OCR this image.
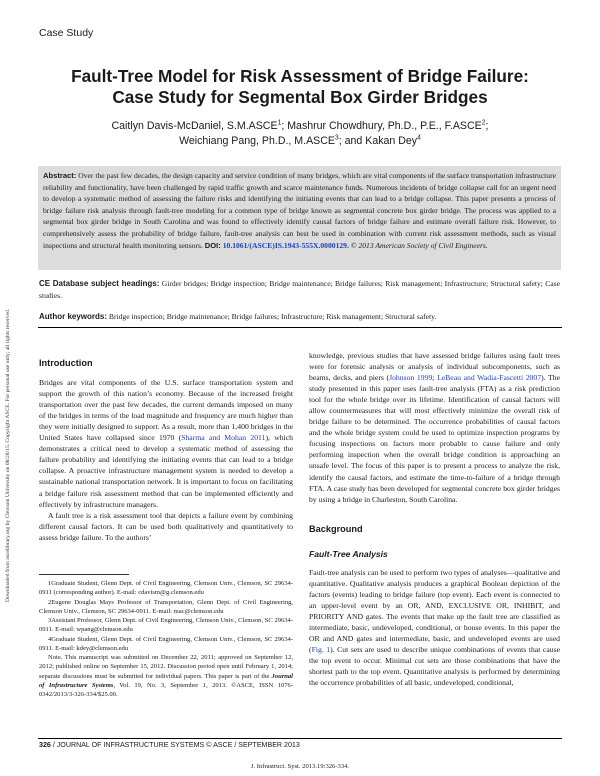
Downloaded from ascelibrary.org by Clemson University on 08/28/15. Copyright ASCE. For personal use only; all rights reserved.
Case Study
Fault-Tree Model for Risk Assessment of Bridge Failure:
Case Study for Segmental Box Girder Bridges
Caitlyn Davis-McDaniel, S.M.ASCE$^1$; Mashrur Chowdhury, Ph.D., P.E., F.ASCE$^2$;
Weichiang Pang, Ph.D., M.ASCE$^3$; and Kakan Dey$^4$
Abstract: Over the past few decades, the design capacity and service condition of many bridges, which are vital components of the surface transportation infrastructure reliability and functionality, have been challenged by rapid traffic growth and scarce maintenance funds. Numerous incidents of bridge collapse call for an urgent need to develop a systematic method of assessing the failure risks and identifying the initiating events that can lead to a bridge collapse. This paper presents a process of bridge failure risk analysis through fault-tree modeling for a common type of bridge known as segmental concrete box girder bridge. The process was applied to a segmental box girder bridge in South Carolina and was found to effectively identify causal factors of bridge failure and estimate overall failure risk. However, to comprehensively assess the probability of bridge failure, fault-tree analysis can best be used in combination with current risk assessment methods, such as visual inspections and structural health monitoring sensors. DOI: 10.1061/(ASCE)IS.1943-555X.0000129. © 2013 American Society of Civil Engineers.
CE Database subject headings: Girder bridges; Bridge inspection; Bridge maintenance; Bridge failures; Risk management; Infrastructure; Structural safety; Case studies.
Author keywords: Bridge inspection; Bridge maintenance; Bridge failures; Infrastructure; Risk management; Structural safety.
Introduction

Bridges are vital components of the U.S. surface transportation system and support the growth of this nation’s economy. Because of the increased freight transportation over the past few decades, the current demands imposed on many of the bridges in terms of the load magnitude and frequency are much higher than they were initially designed to support. As a result, more than 1,400 bridges in the United States have collapsed since 1970 (Sharma and Mohan 2011), which demonstrates a critical need to develop a systematic method of assessing the failure probability and identifying the initiating events that can lead to a bridge collapse. A proactive infrastructure management system is needed to develop a sustainable national transportation network. It is important to focus on facilitating a bridge failure risk assessment method that can be implemented efficiently and effectively by infrastructure managers.

A fault tree is a risk assessment tool that depicts a failure event by combining different causal factors. It can be used both qualitatively and quantitatively to assess bridge failure. To the authors’

1Graduate Student, Glenn Dept. of Civil Engineering, Clemson Univ., Clemson, SC 29634-0911 (corresponding author). E-mail: cdavism@g.clemson.edu

2Eugene Douglas Mays Professor of Transportation, Glenn Dept. of Civil Engineering, Clemson Univ., Clemson, SC 29634-0911. E-mail: mac@clemson.edu

3Assistant Professor, Glenn Dept. of Civil Engineering, Clemson Univ., Clemson, SC 29634-0911. E-mail: wpang@clemson.edu

4Graduate Student, Glenn Dept. of Civil Engineering, Clemson Univ., Clemson, SC 29634-0911. E-mail: kdey@clemson.edu

Note. This manuscript was submitted on December 22, 2011; approved on September 12, 2012; published online on September 15, 2012. Discussion period open until February 1, 2014; separate discussions must be submitted for individual papers. This paper is part of the Journal of Infrastructure Systems, Vol. 19, No. 3, September 1, 2013. ©ASCE, ISSN 1076-0342/2013/3-326-334/$25.00.

knowledge, previous studies that have assessed bridge failures using fault trees were for forensic analysis or analysis of individual subcomponents, such as beams, decks, and piers (Johnson 1999; LeBeau and Wadia-Fascetti 2007). The study presented in this paper uses fault-tree analysis (FTA) as a risk prediction tool for the whole bridge over its lifetime. Identification of causal factors will allow countermeasures that will most effectively minimize the overall risk of bridge failure to be determined. The occurrence probabilities of causal factors and the whole bridge system could be used to optimize inspection programs by focusing inspections on factors more probable to cause failure and only performing inspection when the overall bridge condition is approaching an unsafe level. The focus of this paper is to present a process to analyze the risk, identify the causal factors, and estimate the time-to-failure of a bridge through FTA. A case study has been developed for segmental concrete box girder bridges by using a bridge in Charleston, South Carolina.

Background
Fault-Tree Analysis

Fault-tree analysis can be used to perform two types of analyses—qualitative and quantitative. Qualitative analysis produces a graphical Boolean depiction of the factors (events) leading to bridge failure (top event). Each event is connected to an upper-level event by an OR, AND, EXCLUSIVE OR, INHIBIT, and PRIORITY AND gates. The events that make up the fault tree are classified as intermediate, basic, undeveloped, conditional, or house events. In this paper the OR and AND gates and intermediate, basic, and undeveloped events are used (Fig. 1). Cut sets are used to describe unique combinations of events that cause the top event to occur. Minimal cut sets are those combinations that have the shortest path to the top event. Quantitative analysis is performed by determining the occurrence probabilities of all basic, undeveloped, conditional,

326 / JOURNAL OF INFRASTRUCTURE SYSTEMS © ASCE / SEPTEMBER 2013
J. Infrastruct. Syst. 2013.19:326-334.
